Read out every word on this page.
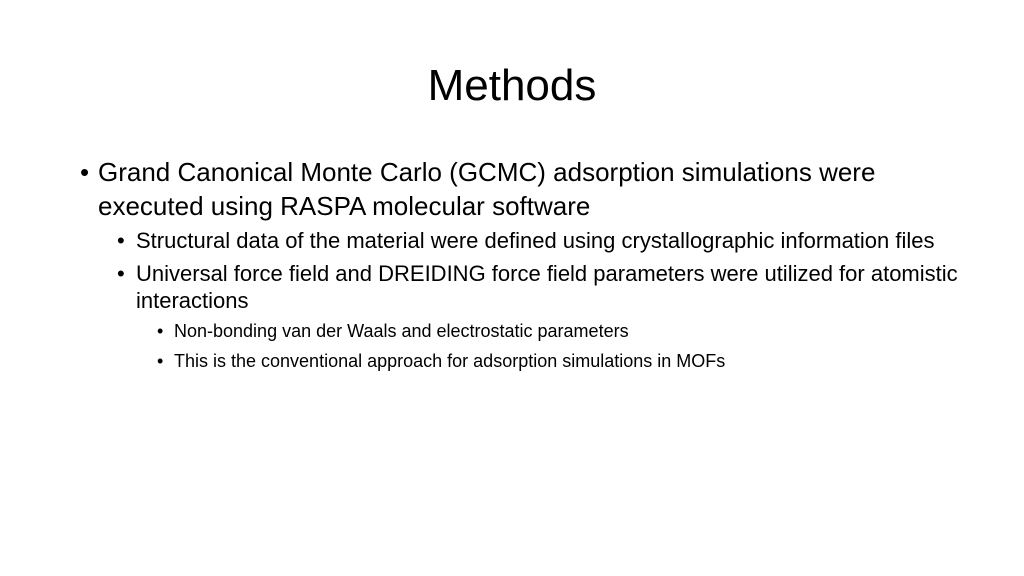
Methods
• Grand Canonical Monte Carlo (GCMC) adsorption simulations were executed using RASPA molecular software
• Structural data of the material were defined using crystallographic information files
• Universal force field and DREIDING force field parameters were utilized for atomistic interactions
• Non-bonding van der Waals and electrostatic parameters
• This is the conventional approach for adsorption simulations in MOFs
